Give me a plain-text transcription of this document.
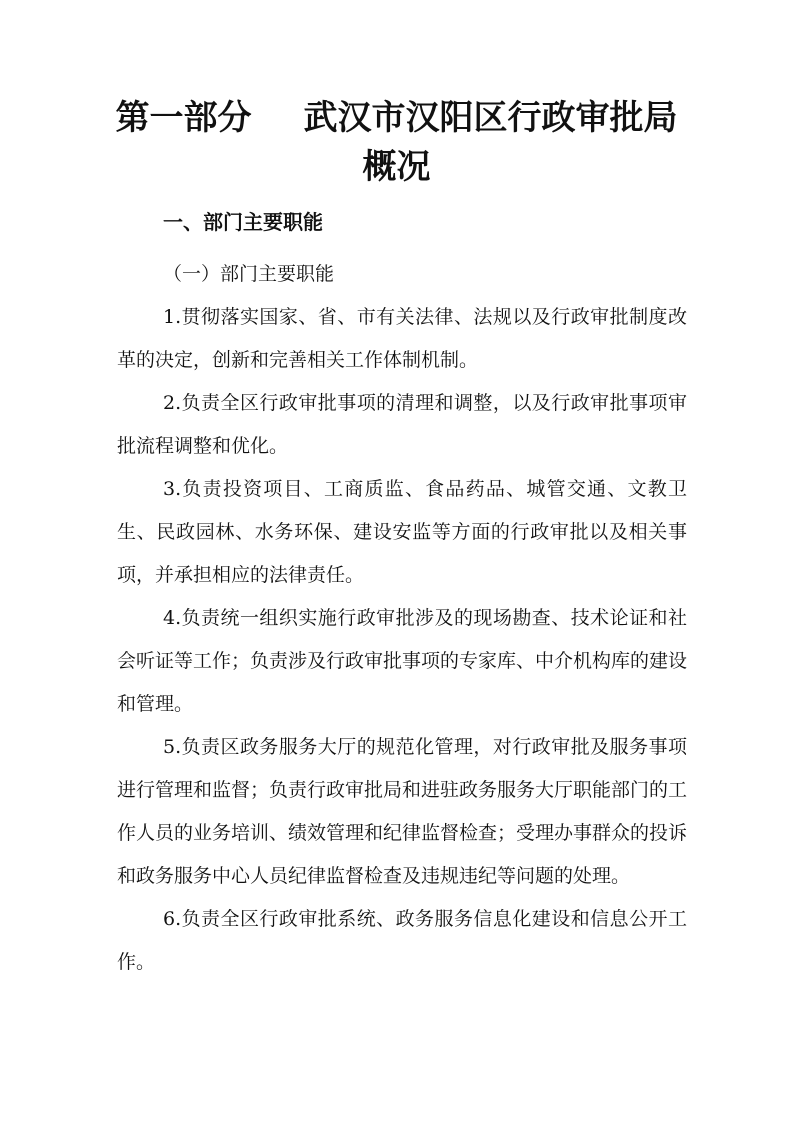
第一部分 武汉市汉阳区行政审批局
概况
一、部门主要职能
（一）部门主要职能

1.贯彻落实国家、省、市有关法律、法规以及行政审批制度改革的决定，创新和完善相关工作体制机制。

2.负责全区行政审批事项的清理和调整，以及行政审批事项审批流程调整和优化。

3.负责投资项目、工商质监、食品药品、城管交通、文教卫生、民政园林、水务环保、建设安监等方面的行政审批以及相关事项，并承担相应的法律责任。

4.负责统一组织实施行政审批涉及的现场勘查、技术论证和社会听证等工作；负责涉及行政审批事项的专家库、中介机构库的建设和管理。

5.负责区政务服务大厅的规范化管理，对行政审批及服务事项进行管理和监督；负责行政审批局和进驻政务服务大厅职能部门的工作人员的业务培训、绩效管理和纪律监督检查；受理办事群众的投诉和政务服务中心人员纪律监督检查及违规违纪等问题的处理。

6.负责全区行政审批系统、政务服务信息化建设和信息公开工作。
